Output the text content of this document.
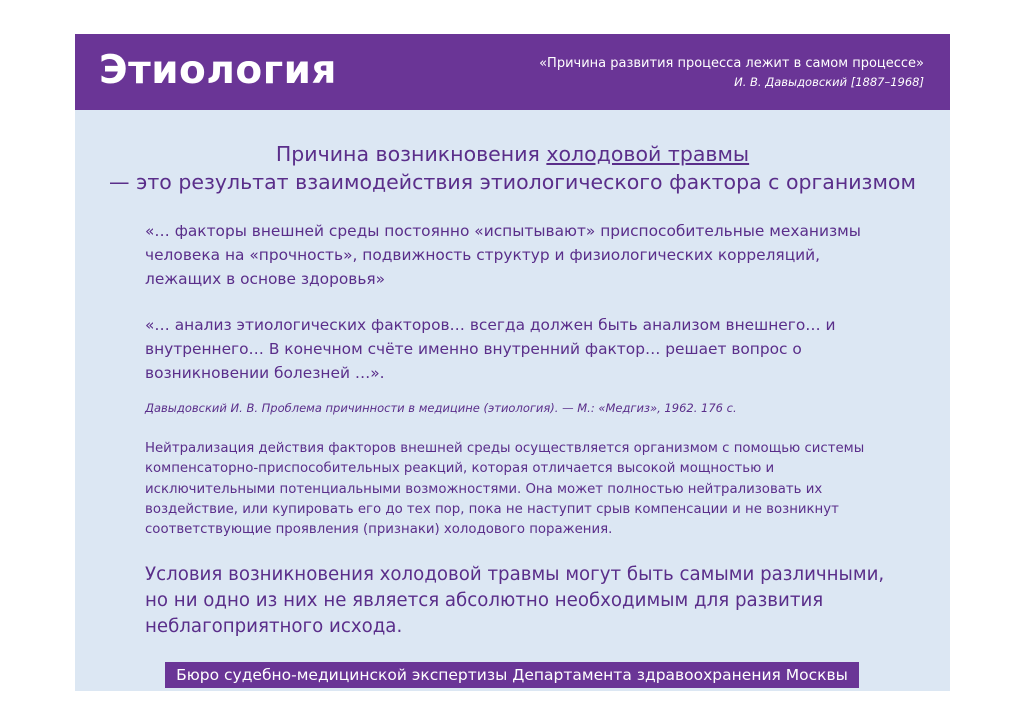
Этиология	«Причина развития процесса лежит в самом процессе»
И. В. Давыдовский [1887–1968]
Причина возникновения холодовой травмы
— это результат взаимодействия этиологического фактора с организмом
«… факторы внешней среды постоянно «испытывают» приспособительные механизмы человека на «прочность», подвижность структур и физиологических корреляций, лежащих в основе здоровья»
«… анализ этиологических факторов… всегда должен быть анализом внешнего… и внутреннего… В конечном счёте именно внутренний фактор… решает вопрос о возникновении болезней …».
Давыдовский И. В. Проблема причинности в медицине (этиология). — М.: «Медгиз», 1962. 176 с.
Нейтрализация действия факторов внешней среды осуществляется организмом с помощью системы компенсаторно-приспособительных реакций, которая отличается высокой мощностью и исключительными потенциальными возможностями. Она может полностью нейтрализовать их воздействие, или купировать его до тех пор, пока не наступит срыв компенсации и не возникнут соответствующие проявления (признаки) холодового поражения.
Условия возникновения холодовой травмы могут быть самыми различными, но ни одно из них не является абсолютно необходимым для развития неблагоприятного исхода.
Бюро судебно-медицинской экспертизы Департамента здравоохранения Москвы
